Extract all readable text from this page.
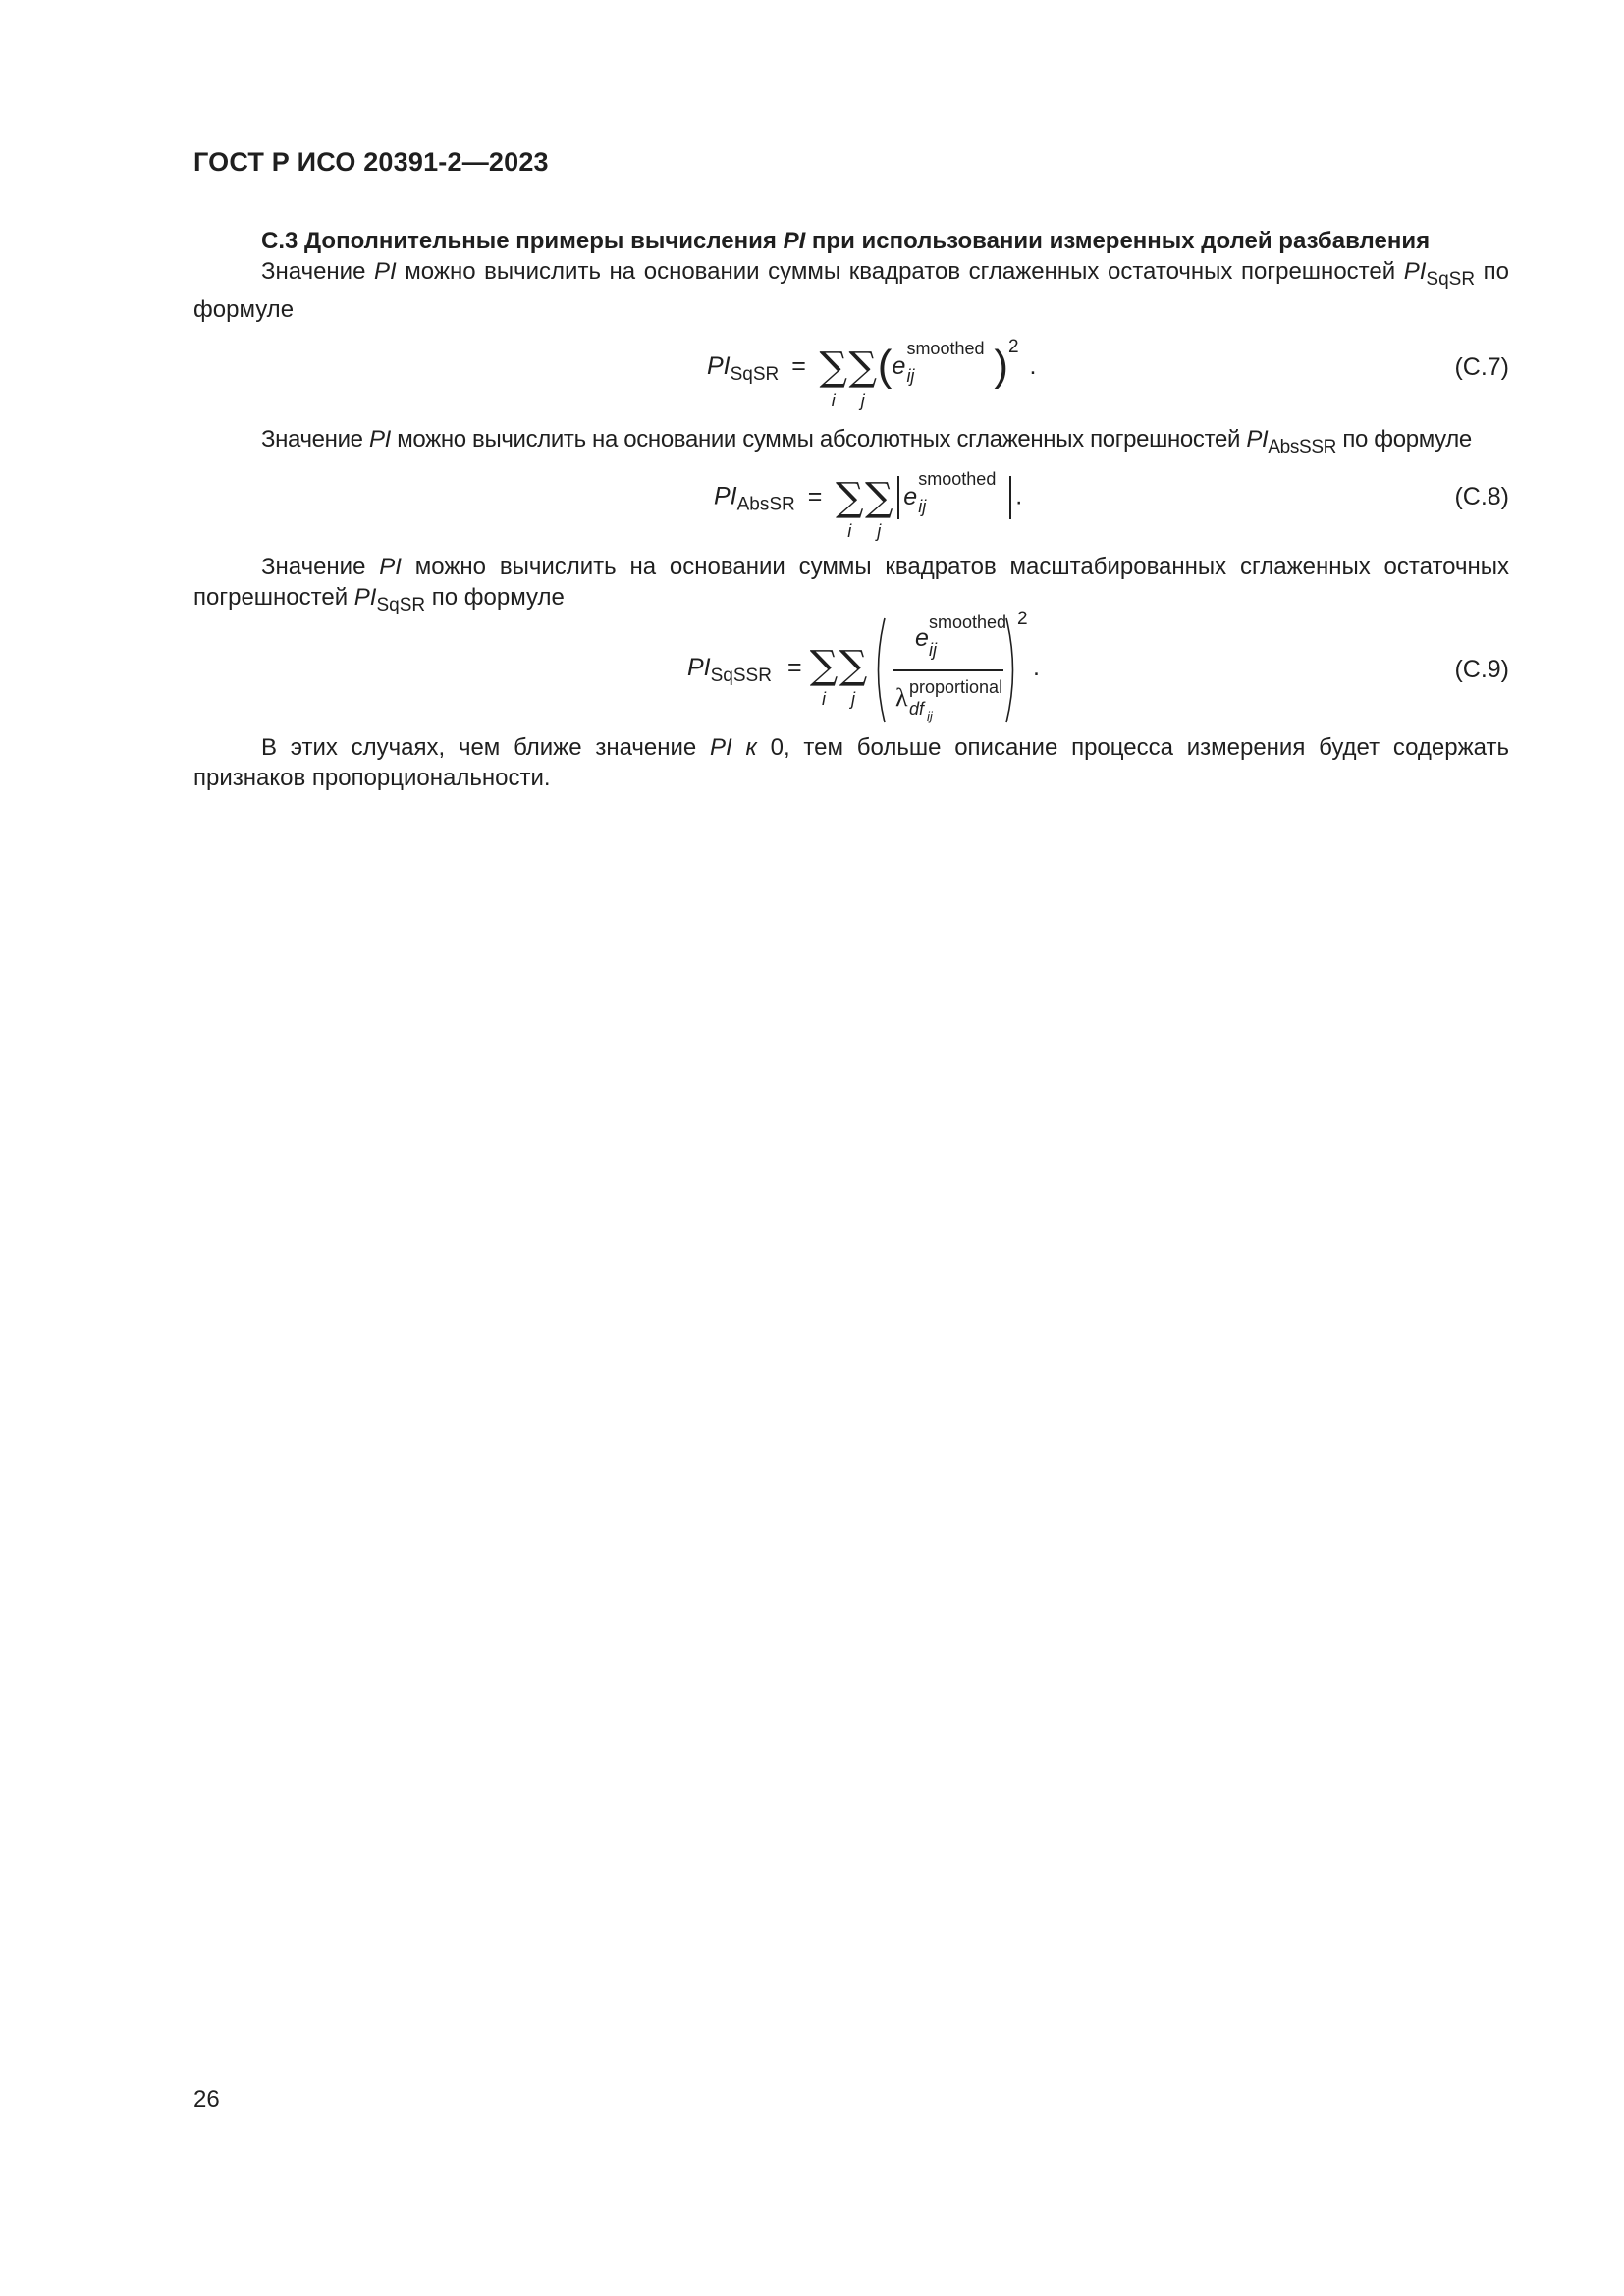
ГОСТ Р ИСО 20391-2—2023
С.3 Дополнительные примеры вычисления PI при использовании измеренных долей разбавления
Значение PI можно вычислить на основании суммы квадратов сглаженных остаточных погрешностей $PI_{SqSR}$ по формуле
$PI_{SqSR}$ = ∑
i
∑
j
(e ij
smoothed )$^2$ .	(С.7)
Значение PI можно вычислить на основании суммы абсолютных сглаженных погрешностей $PI_{AbsSSR}$ по формуле
$PI_{AbsSR}$ = ∑
i
∑
j
e ij
smoothed
.	(С.8)
Значение PI можно вычислить на основании суммы квадратов масштабированных сглаженных остаточных погрешностей $PI_{SqSR}$ по формуле
$PI_{SqSSR}$ = ∑
i
∑
j
e
smoothed
ij
λ proportional
df ij
2
.	(С.9)
В этих случаях, чем ближе значение PI к 0, тем больше описание процесса измерения будет содержать признаков пропорциональности.
26
